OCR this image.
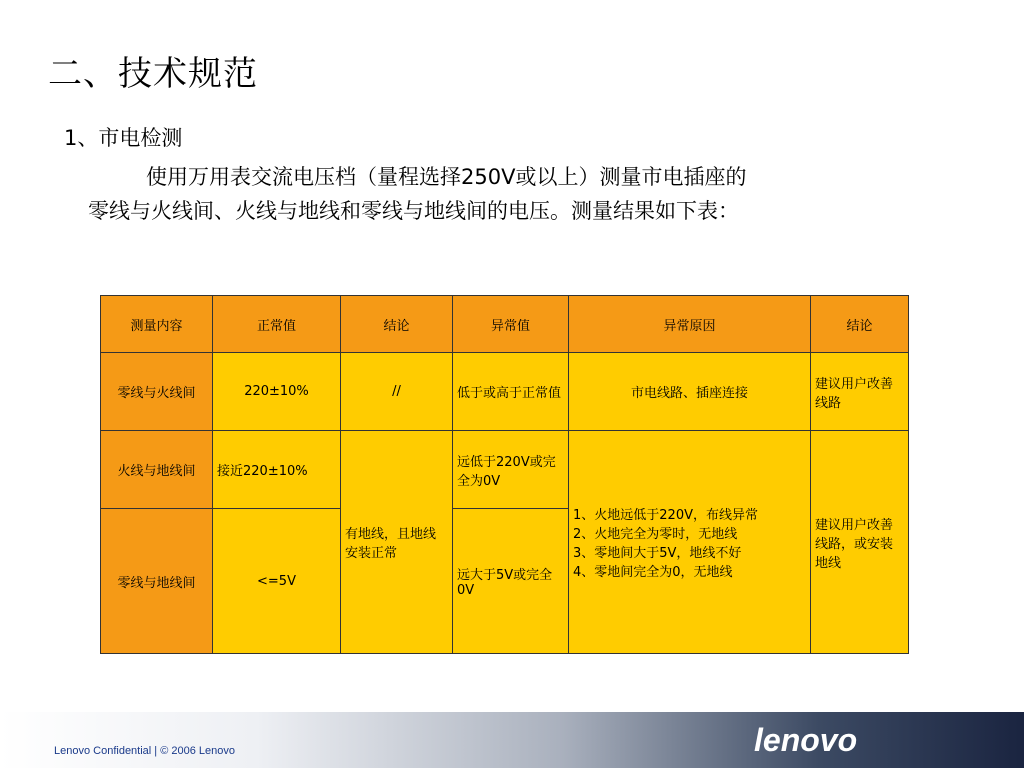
二、技术规范
1、市电检测
使用万用表交流电压档（量程选择250V或以上）测量市电插座的
零线与火线间、火线与地线和零线与地线间的电压。测量结果如下表：
测量内容	正常值	结论	异常值	异常原因	结论
零线与火线间	220±10%	//	低于或高于正常值	市电线路、插座连接	建议用户改善线路
火线与地线间	接近220±10%	有地线，且地线安装正常	远低于220V或完全为0V	1、火地远低于220V，布线异常
2、火地完全为零时，无地线
3、零地间大于5V，地线不好
4、零地间完全为0，无地线	建议用户改善线路，或安装地线
零线与地线间	<=5V		远大于5V或完全0V		
Lenovo Confidential | © 2006 Lenovo	lenovo
